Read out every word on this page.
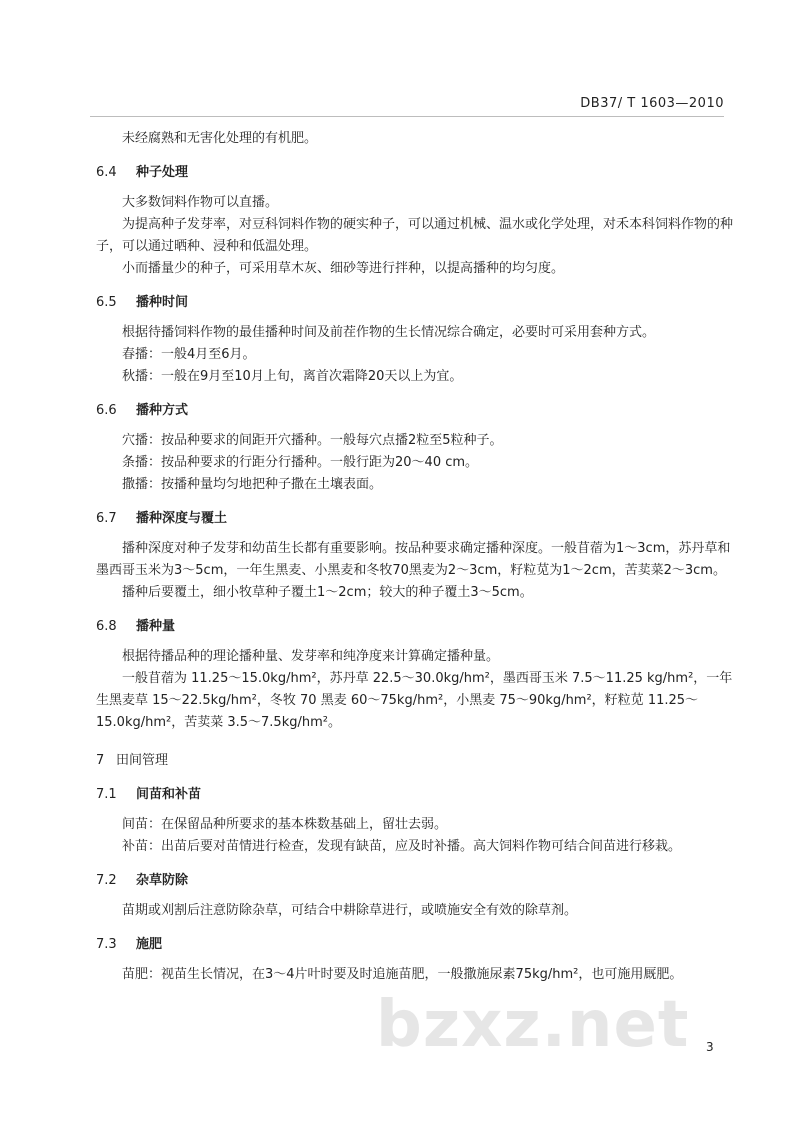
DB37/ T 1603—2010
未经腐熟和无害化处理的有机肥。
6.4 种子处理
大多数饲料作物可以直播。
为提高种子发芽率，对豆科饲料作物的硬实种子，可以通过机械、温水或化学处理，对禾本科饲料作物的种子，可以通过晒种、浸种和低温处理。
小而播量少的种子，可采用草木灰、细砂等进行拌种，以提高播种的均匀度。
6.5 播种时间
根据待播饲料作物的最佳播种时间及前茬作物的生长情况综合确定，必要时可采用套种方式。
春播：一般4月至6月。
秋播：一般在9月至10月上旬，离首次霜降20天以上为宜。
6.6 播种方式
穴播：按品种要求的间距开穴播种。一般每穴点播2粒至5粒种子。
条播：按品种要求的行距分行播种。一般行距为20～40 cm。
撒播：按播种量均匀地把种子撒在土壤表面。
6.7 播种深度与覆土
播种深度对种子发芽和幼苗生长都有重要影响。按品种要求确定播种深度。一般苜蓿为1～3cm，苏丹草和墨西哥玉米为3～5cm，一年生黑麦、小黑麦和冬牧70黑麦为2～3cm，籽粒苋为1～2cm，苦荬菜2～3cm。
播种后要覆土，细小牧草种子覆土1～2cm；较大的种子覆土3～5cm。
6.8 播种量
根据待播品种的理论播种量、发芽率和纯净度来计算确定播种量。
一般苜蓿为 11.25～15.0kg/hm²，苏丹草 22.5～30.0kg/hm²，墨西哥玉米 7.5～11.25 kg/hm²，一年生黑麦草 15～22.5kg/hm²，冬牧 70 黑麦 60～75kg/hm²，小黑麦 75～90kg/hm²，籽粒苋 11.25～15.0kg/hm²，苦荬菜 3.5～7.5kg/hm²。
7 田间管理
7.1 间苗和补苗
间苗：在保留品种所要求的基本株数基础上，留壮去弱。
补苗：出苗后要对苗情进行检查，发现有缺苗，应及时补播。高大饲料作物可结合间苗进行移栽。
7.2 杂草防除
苗期或刈割后注意防除杂草，可结合中耕除草进行，或喷施安全有效的除草剂。
7.3 施肥
苗肥：视苗生长情况，在3～4片叶时要及时追施苗肥，一般撒施尿素75kg/hm²，也可施用厩肥。
3
bzxz.net
